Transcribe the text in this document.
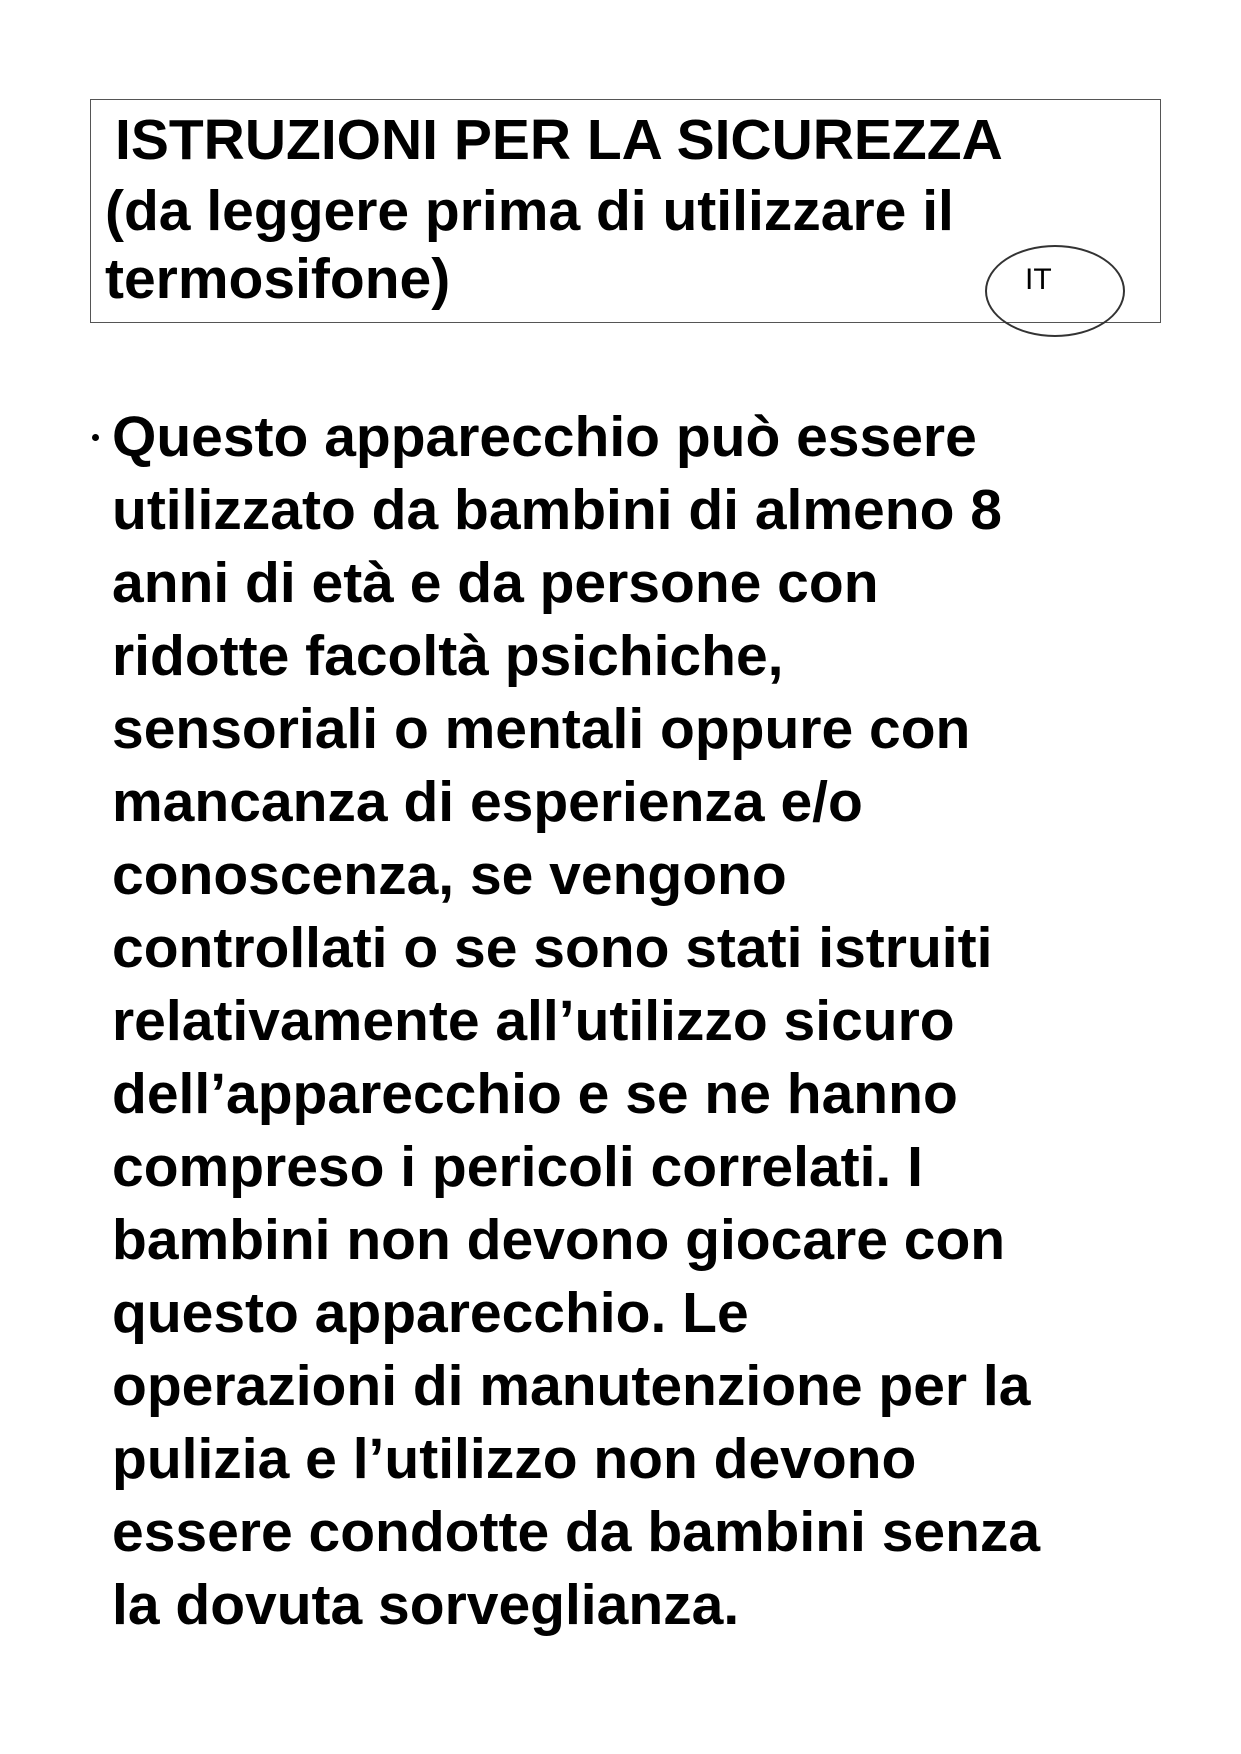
ISTRUZIONI PER LA SICUREZZA
(da leggere prima di utilizzare il
termosifone)	IT
Questo apparecchio può essere
utilizzato da bambini di almeno 8
anni di età e da persone con
ridotte facoltà psichiche,
sensoriali o mentali oppure con
mancanza di esperienza e/o
conoscenza, se vengono
controllati o se sono stati istruiti
relativamente all’utilizzo sicuro
dell’apparecchio e se ne hanno
compreso i pericoli correlati. I
bambini non devono giocare con
questo apparecchio. Le
operazioni di manutenzione per la
pulizia e l’utilizzo non devono
essere condotte da bambini senza
la dovuta sorveglianza.
